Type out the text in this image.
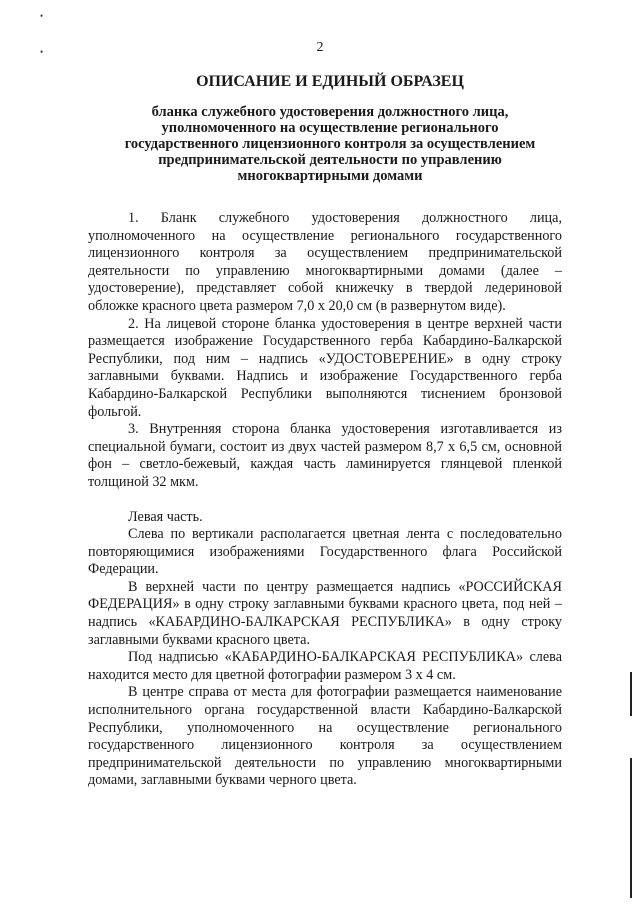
•
•	2
ОПИСАНИЕ И ЕДИНЫЙ ОБРАЗЕЦ
бланка служебного удостоверения должностного лица,
уполномоченного на осуществление регионального
государственного лицензионного контроля за осуществлением
предпринимательской деятельности по управлению
многоквартирными домами

1. Бланк служебного удостоверения должностного лица, уполномоченного на осуществление регионального государственного лицензионного контроля за осуществлением предпринимательской деятельности по управлению многоквартирными домами (далее – удостоверение), представляет собой книжечку в твердой ледериновой обложке красного цвета размером 7,0 х 20,0 см (в развернутом виде).

2. На лицевой стороне бланка удостоверения в центре верхней части размещается изображение Государственного герба Кабардино-Балкарской Республики, под ним – надпись «УДОСТОВЕРЕНИЕ» в одну строку заглавными буквами. Надпись и изображение Государственного герба Кабардино-Балкарской Республики выполняются тиснением бронзовой фольгой.

3. Внутренняя сторона бланка удостоверения изготавливается из специальной бумаги, состоит из двух частей размером 8,7 х 6,5 см, основной фон – светло-бежевый, каждая часть ламинируется глянцевой пленкой толщиной 32 мкм.

Левая часть.

Слева по вертикали располагается цветная лента с последовательно повторяющимися изображениями Государственного флага Российской Федерации.

В верхней части по центру размещается надпись «РОССИЙСКАЯ ФЕДЕРАЦИЯ» в одну строку заглавными буквами красного цвета, под ней – надпись «КАБАРДИНО-БАЛКАРСКАЯ РЕСПУБЛИКА» в одну строку заглавными буквами красного цвета.

Под надписью «КАБАРДИНО-БАЛКАРСКАЯ РЕСПУБЛИКА» слева находится место для цветной фотографии размером 3 х 4 см.

В центре справа от места для фотографии размещается наименование исполнительного органа государственной власти Кабардино-Балкарской Республики, уполномоченного на осуществление регионального государственного лицензионного контроля за осуществлением предпринимательской деятельности по управлению многоквартирными домами, заглавными буквами черного цвета.
